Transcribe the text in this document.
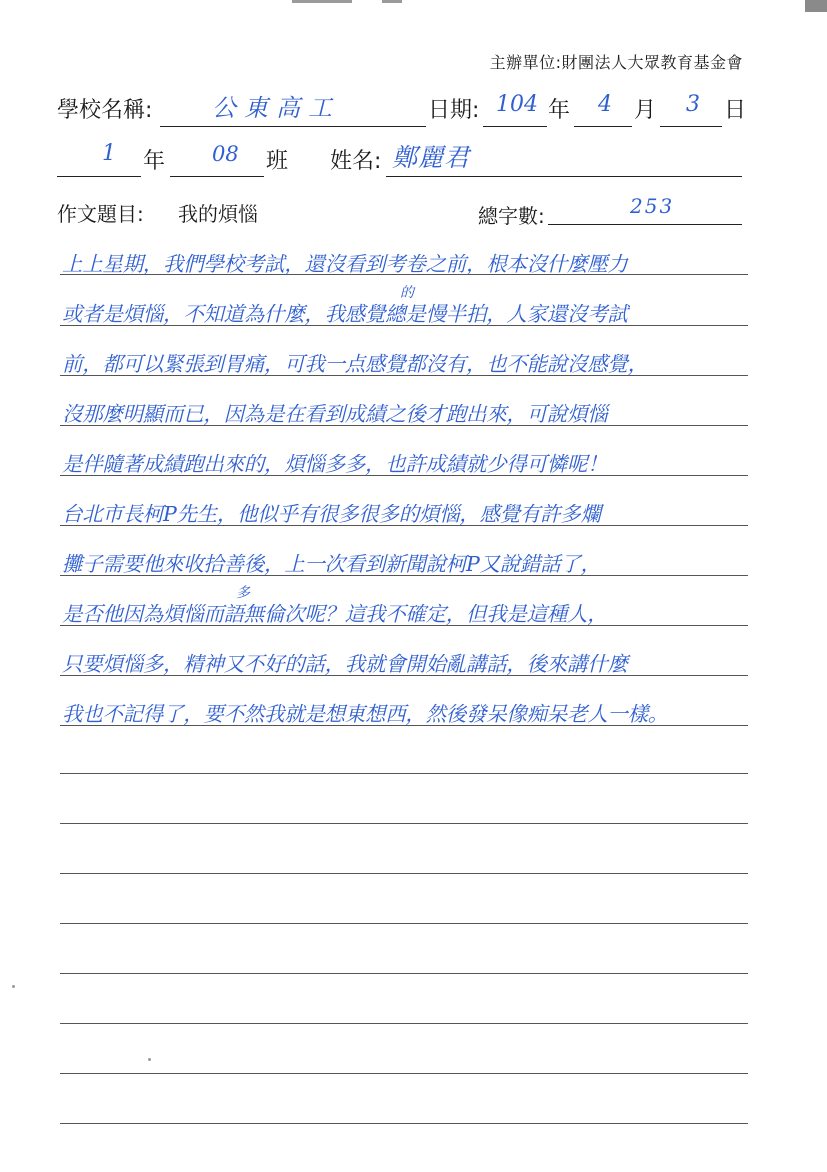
主辦單位:財團法人大眾教育基金會
學校名稱: 公東高工	日期: 104 年 4 月 3 日
1 年 08 班 姓名: 鄭麗君
作文題目: 我的煩惱	總字數:	253
上上星期，我們學校考試，還沒看到考卷之前，根本沒什麼壓力
的
或者是煩惱，不知道為什麼，我感覺總是慢半拍，人家還沒考試
前，都可以緊張到胃痛，可我一点感覺都沒有，也不能說沒感覺，
沒那麼明顯而已，因為是在看到成績之後才跑出來，可說煩惱
是伴隨著成績跑出來的，煩惱多多，也許成績就少得可憐呢！
台北市長柯P先生，他似乎有很多很多的煩惱，感覺有許多爛
攤子需要他來收拾善後，上一次看到新聞說柯P又說錯話了，
多
是否他因為煩惱而語無倫次呢？這我不確定，但我是這種人，
只要煩惱多，精神又不好的話，我就會開始亂講話，後來講什麼
我也不記得了，要不然我就是想東想西，然後發呆像痴呆老人一樣。
